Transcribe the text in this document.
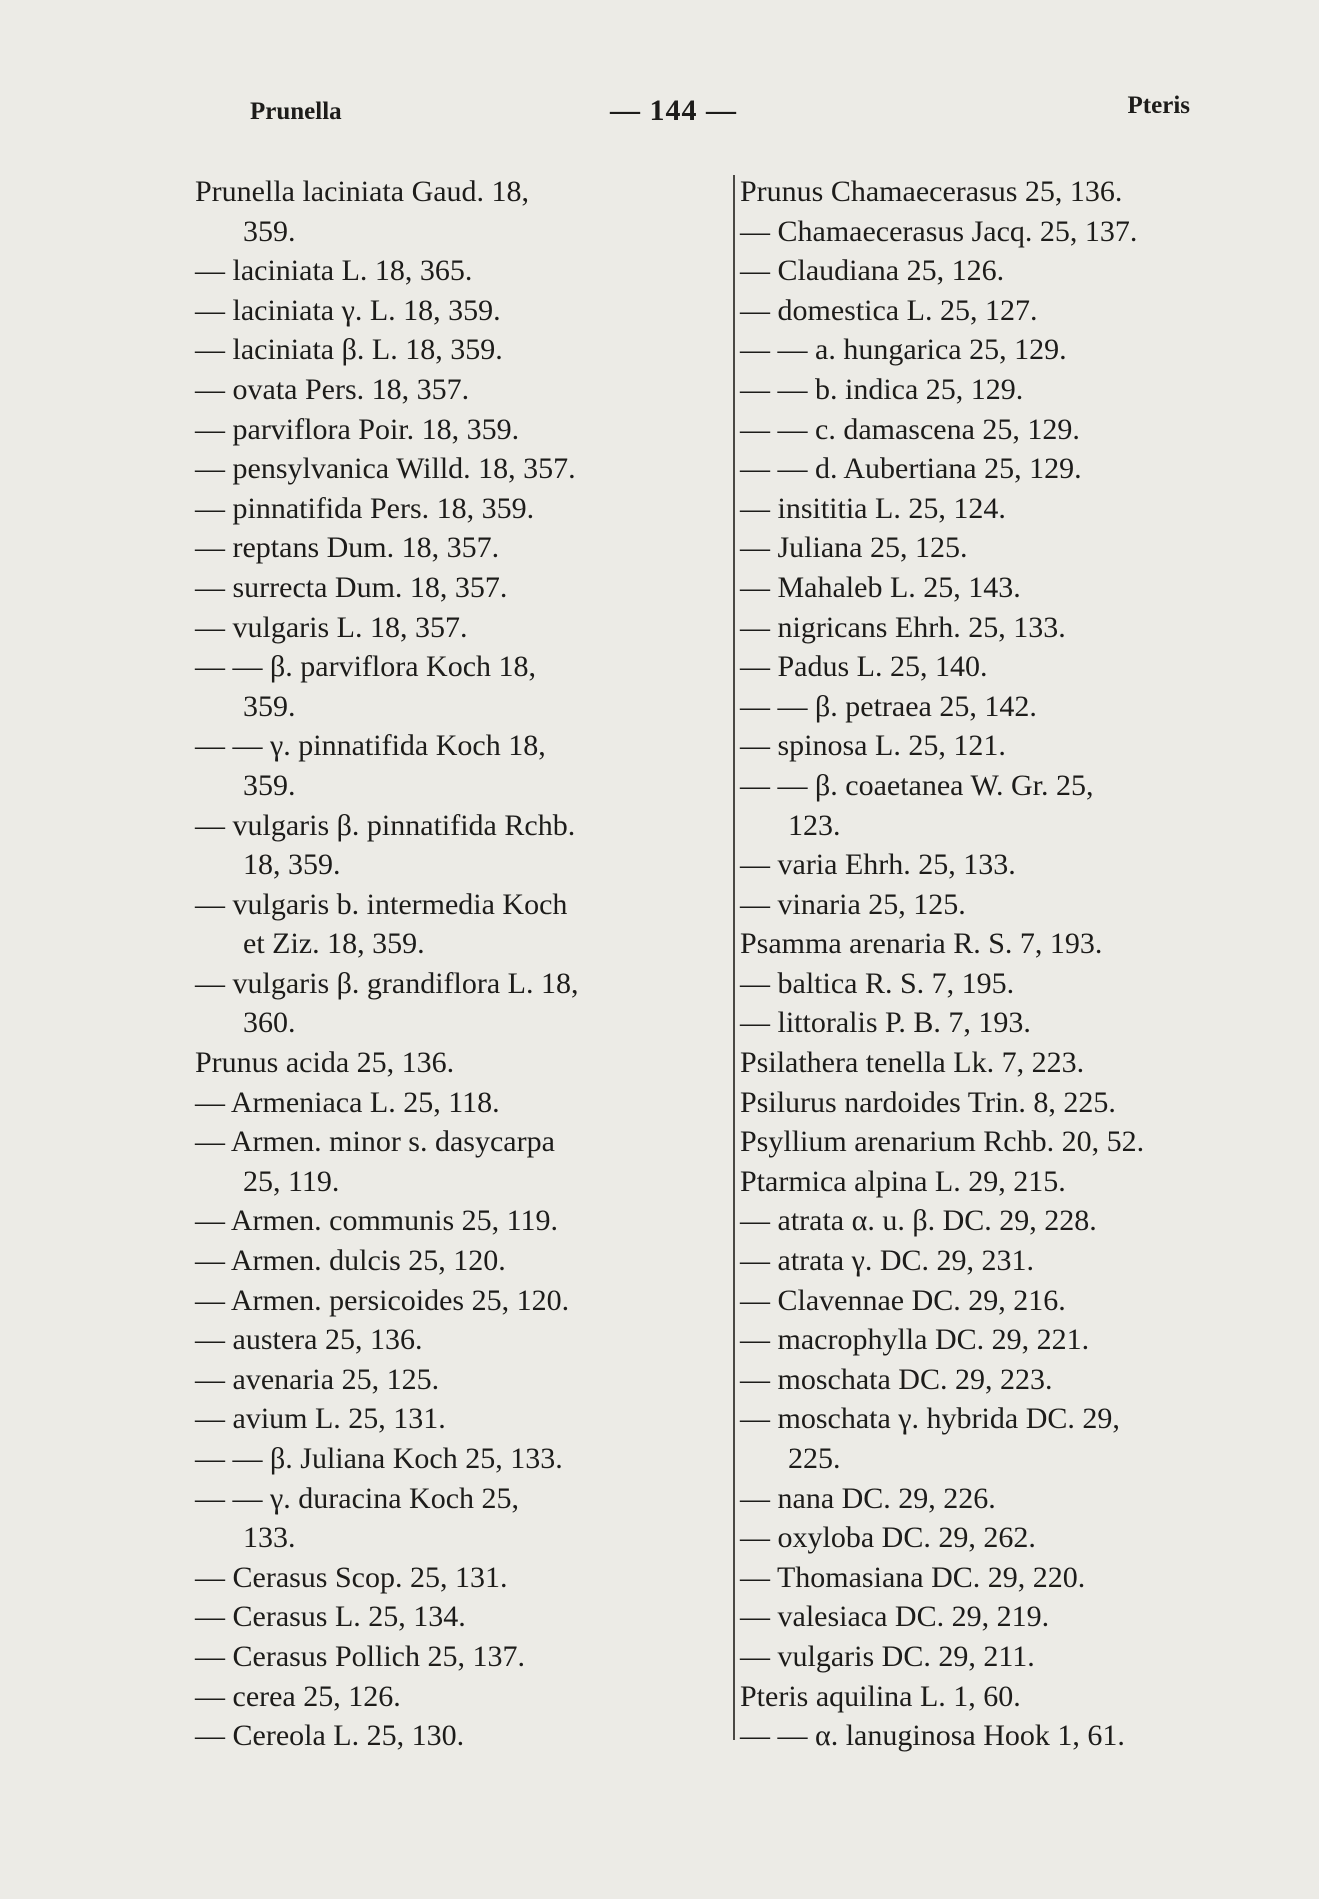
Prunella	— 144 —	Pteris
Prunella laciniata Gaud. 18,
359.
— laciniata L. 18, 365.
— laciniata γ. L. 18, 359.
— laciniata β. L. 18, 359.
— ovata Pers. 18, 357.
— parviflora Poir. 18, 359.
— pensylvanica Willd. 18, 357.
— pinnatifida Pers. 18, 359.
— reptans Dum. 18, 357.
— surrecta Dum. 18, 357.
— vulgaris L. 18, 357.
— — β. parviflora Koch 18,
359.
— — γ. pinnatifida Koch 18,
359.
— vulgaris β. pinnatifida Rchb.
18, 359.
— vulgaris b. intermedia Koch
et Ziz. 18, 359.
— vulgaris β. grandiflora L. 18,
360.
Prunus acida 25, 136.
— Armeniaca L. 25, 118.
— Armen. minor s. dasycarpa
25, 119.
— Armen. communis 25, 119.
— Armen. dulcis 25, 120.
— Armen. persicoides 25, 120.
— austera 25, 136.
— avenaria 25, 125.
— avium L. 25, 131.
— — β. Juliana Koch 25, 133.
— — γ. duracina Koch 25,
133.
— Cerasus Scop. 25, 131.
— Cerasus L. 25, 134.
— Cerasus Pollich 25, 137.
— cerea 25, 126.
— Cereola L. 25, 130.
Prunus Chamaecerasus 25, 136.
— Chamaecerasus Jacq. 25, 137.
— Claudiana 25, 126.
— domestica L. 25, 127.
— — a. hungarica 25, 129.
— — b. indica 25, 129.
— — c. damascena 25, 129.
— — d. Aubertiana 25, 129.
— insititia L. 25, 124.
— Juliana 25, 125.
— Mahaleb L. 25, 143.
— nigricans Ehrh. 25, 133.
— Padus L. 25, 140.
— — β. petraea 25, 142.
— spinosa L. 25, 121.
— — β. coaetanea W. Gr. 25,
123.
— varia Ehrh. 25, 133.
— vinaria 25, 125.
Psamma arenaria R. S. 7, 193.
— baltica R. S. 7, 195.
— littoralis P. B. 7, 193.
Psilathera tenella Lk. 7, 223.
Psilurus nardoides Trin. 8, 225.
Psyllium arenarium Rchb. 20, 52.
Ptarmica alpina L. 29, 215.
— atrata α. u. β. DC. 29, 228.
— atrata γ. DC. 29, 231.
— Clavennae DC. 29, 216.
— macrophylla DC. 29, 221.
— moschata DC. 29, 223.
— moschata γ. hybrida DC. 29,
225.
— nana DC. 29, 226.
— oxyloba DC. 29, 262.
— Thomasiana DC. 29, 220.
— valesiaca DC. 29, 219.
— vulgaris DC. 29, 211.
Pteris aquilina L. 1, 60.
— — α. lanuginosa Hook 1, 61.
